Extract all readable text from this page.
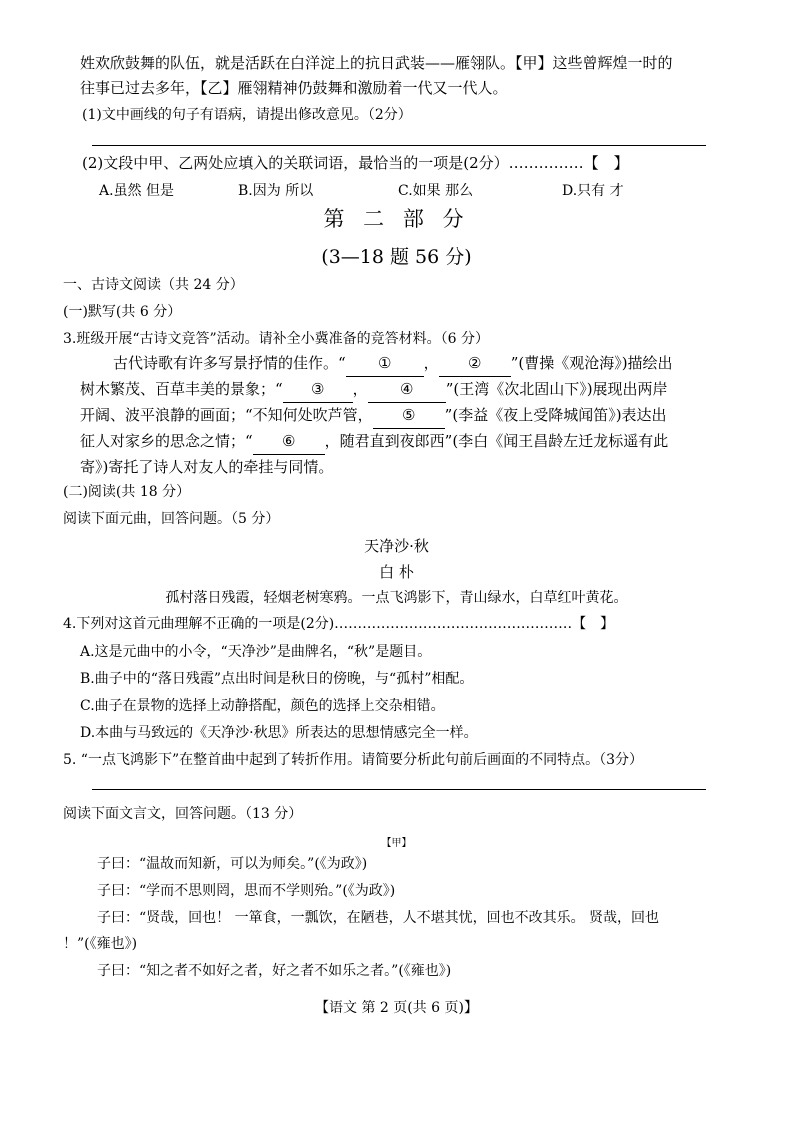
姓欢欣鼓舞的队伍，就是活跃在白洋淀上的抗日武装——雁翎队。【甲】这些曾辉煌一时的
往事已过去多年，【乙】雁翎精神仍鼓舞和激励着一代又一代人。
(1)文中画线的句子有语病，请提出修改意见。（2分）
(2)文段中甲、乙两处应填入的关联词语，最恰当的一项是(2分）……………【　】
A.虽然 但是	B.因为 所以	C.如果 那么	D.只有 才
第 二 部 分
(3—18 题 56 分)
一、古诗文阅读（共 24 分）
(一)默写(共 6 分）
3.班级开展“古诗文竞答”活动。请补全小冀准备的竞答材料。（6 分）
古代诗歌有许多写景抒情的佳作。“ ① ， ② ”(曹操《观沧海》)描绘出
树木繁茂、百草丰美的景象；“ ③ ， ④ ”(王湾《次北固山下》)展现出两岸
开阔、波平浪静的画面；“不知何处吹芦管， ⑤ ”(李益《夜上受降城闻笛》)表达出
征人对家乡的思念之情；“ ⑥ ，随君直到夜郎西”(李白《闻王昌龄左迁龙标遥有此
寄》)寄托了诗人对友人的牵挂与同情。
(二)阅读(共 18 分）
阅读下面元曲，回答问题。（5 分）
天净沙·秋
白 朴
孤村落日残霞，轻烟老树寒鸦。一点飞鸿影下，青山绿水，白草红叶黄花。
4.下列对这首元曲理解不正确的一项是(2分)……………………………………………【　】
A.这是元曲中的小令，“天净沙”是曲牌名，“秋”是题目。
B.曲子中的“落日残霞”点出时间是秋日的傍晚，与“孤村”相配。
C.曲子在景物的选择上动静搭配，颜色的选择上交杂相错。
D.本曲与马致远的《天净沙·秋思》所表达的思想情感完全一样。
5. “一点飞鸿影下”在整首曲中起到了转折作用。请简要分析此句前后画面的不同特点。（3分）
阅读下面文言文，回答问题。（13 分）
【甲】
子曰：“温故而知新，可以为师矣。”(《为政》)
子曰：“学而不思则罔，思而不学则殆。”(《为政》)
子曰：“贤哉，回也！ 一箪食，一瓢饮，在陋巷，人不堪其忧，回也不改其乐。 贤哉，回也
！”(《雍也》)
子曰：“知之者不如好之者，好之者不如乐之者。”(《雍也》)
【语文 第 2 页(共 6 页)】
